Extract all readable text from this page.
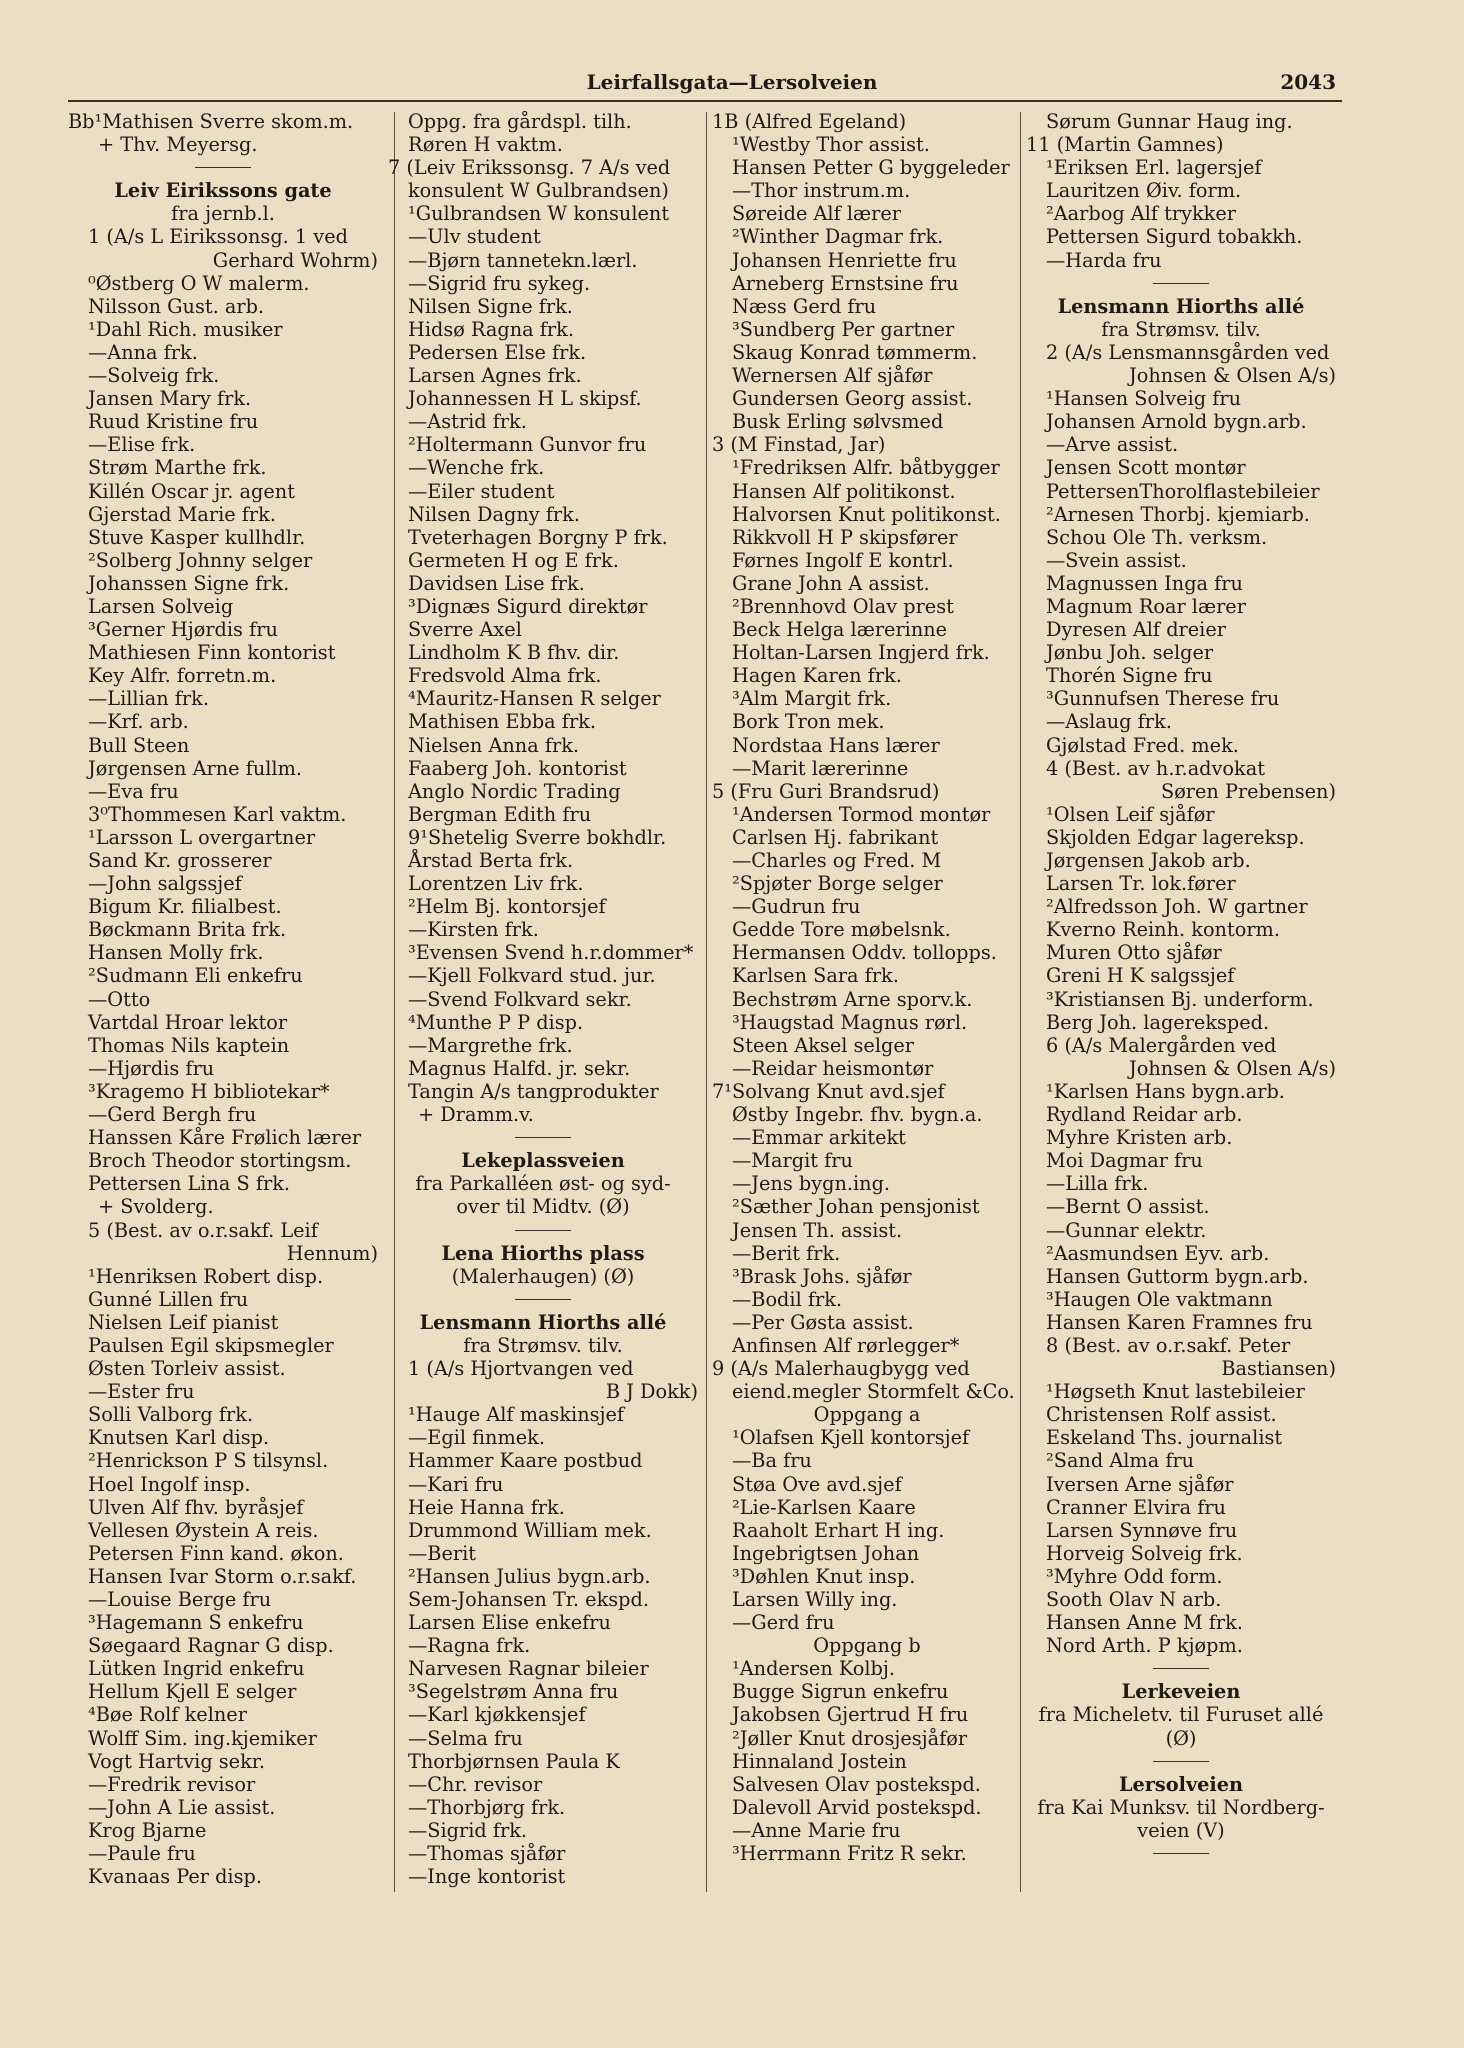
Leirfallsgata—Lersolveien	2043
Bb¹Mathisen Sverre skom.m.
+ Thv. Meyersg.
Leiv Eirikssons gate
fra jernb.l.
1 (A/s L Eirikssonsg. 1 ved
Gerhard Wohrm)
⁰Østberg O W malerm.
Nilsson Gust. arb.
¹Dahl Rich. musiker
—Anna frk.
—Solveig frk.
Jansen Mary frk.
Ruud Kristine fru
—Elise frk.
Strøm Marthe frk.
Killén Oscar jr. agent
Gjerstad Marie frk.
Stuve Kasper kullhdlr.
²Solberg Johnny selger
Johanssen Signe frk.
Larsen Solveig
³Gerner Hjørdis fru
Mathiesen Finn kontorist
Key Alfr. forretn.m.
—Lillian frk.
—Krf. arb.
Bull Steen
Jørgensen Arne fullm.
—Eva fru
3⁰Thommesen Karl vaktm.
¹Larsson L overgartner
Sand Kr. grosserer
—John salgssjef
Bigum Kr. filialbest.
Bøckmann Brita frk.
Hansen Molly frk.
²Sudmann Eli enkefru
—Otto
Vartdal Hroar lektor
Thomas Nils kaptein
—Hjørdis fru
³Kragemo H bibliotekar*
—Gerd Bergh fru
Hanssen Kåre Frølich lærer
Broch Theodor stortingsm.
Pettersen Lina S frk.
+ Svolderg.
5 (Best. av o.r.sakf. Leif
Hennum)
¹Henriksen Robert disp.
Gunné Lillen fru
Nielsen Leif pianist
Paulsen Egil skipsmegler
Østen Torleiv assist.
—Ester fru
Solli Valborg frk.
Knutsen Karl disp.
²Henrickson P S tilsynsl.
Hoel Ingolf insp.
Ulven Alf fhv. byråsjef
Vellesen Øystein A reis.
Petersen Finn kand. økon.
Hansen Ivar Storm o.r.sakf.
—Louise Berge fru
³Hagemann S enkefru
Søegaard Ragnar G disp.
Lütken Ingrid enkefru
Hellum Kjell E selger
⁴Bøe Rolf kelner
Wolff Sim. ing.kjemiker
Vogt Hartvig sekr.
—Fredrik revisor
—John A Lie assist.
Krog Bjarne
—Paule fru
Kvanaas Per disp.
Oppg. fra gårdspl. tilh.
Røren H vaktm.
7 (Leiv Erikssonsg. 7 A/s ved
konsulent W Gulbrandsen)
¹Gulbrandsen W konsulent
—Ulv student
—Bjørn tannetekn.lærl.
—Sigrid fru sykeg.
Nilsen Signe frk.
Hidsø Ragna frk.
Pedersen Else frk.
Larsen Agnes frk.
Johannessen H L skipsf.
—Astrid frk.
²Holtermann Gunvor fru
—Wenche frk.
—Eiler student
Nilsen Dagny frk.
Tveterhagen Borgny P frk.
Germeten H og E frk.
Davidsen Lise frk.
³Dignæs Sigurd direktør
Sverre Axel
Lindholm K B fhv. dir.
Fredsvold Alma frk.
⁴Mauritz-Hansen R selger
Mathisen Ebba frk.
Nielsen Anna frk.
Faaberg Joh. kontorist
Anglo Nordic Trading
Bergman Edith fru
9¹Shetelig Sverre bokhdlr.
Årstad Berta frk.
Lorentzen Liv frk.
²Helm Bj. kontorsjef
—Kirsten frk.
³Evensen Svend h.r.dommer*
—Kjell Folkvard stud. jur.
—Svend Folkvard sekr.
⁴Munthe P P disp.
—Margrethe frk.
Magnus Halfd. jr. sekr.
Tangin A/s tangprodukter
+ Dramm.v.
Lekeplassveien
fra Parkalléen øst- og syd-
over til Midtv. (Ø)
Lena Hiorths plass
(Malerhaugen) (Ø)
Lensmann Hiorths allé
fra Strømsv. tilv.
1 (A/s Hjortvangen ved
B J Dokk)
¹Hauge Alf maskinsjef
—Egil finmek.
Hammer Kaare postbud
—Kari fru
Heie Hanna frk.
Drummond William mek.
—Berit
²Hansen Julius bygn.arb.
Sem-Johansen Tr. ekspd.
Larsen Elise enkefru
—Ragna frk.
Narvesen Ragnar bileier
³Segelstrøm Anna fru
—Karl kjøkkensjef
—Selma fru
Thorbjørnsen Paula K
—Chr. revisor
—Thorbjørg frk.
—Sigrid frk.
—Thomas sjåfør
—Inge kontorist
1B (Alfred Egeland)
¹Westby Thor assist.
Hansen Petter G byggeleder
—Thor instrum.m.
Søreide Alf lærer
²Winther Dagmar frk.
Johansen Henriette fru
Arneberg Ernstsine fru
Næss Gerd fru
³Sundberg Per gartner
Skaug Konrad tømmerm.
Wernersen Alf sjåfør
Gundersen Georg assist.
Busk Erling sølvsmed
3 (M Finstad, Jar)
¹Fredriksen Alfr. båtbygger
Hansen Alf politikonst.
Halvorsen Knut politikonst.
Rikkvoll H P skipsfører
Førnes Ingolf E kontrl.
Grane John A assist.
²Brennhovd Olav prest
Beck Helga lærerinne
Holtan-Larsen Ingjerd frk.
Hagen Karen frk.
³Alm Margit frk.
Bork Tron mek.
Nordstaa Hans lærer
—Marit lærerinne
5 (Fru Guri Brandsrud)
¹Andersen Tormod montør
Carlsen Hj. fabrikant
—Charles og Fred. M
²Spjøter Borge selger
—Gudrun fru
Gedde Tore møbelsnk.
Hermansen Oddv. tollopps.
Karlsen Sara frk.
Bechstrøm Arne sporv.k.
³Haugstad Magnus rørl.
Steen Aksel selger
—Reidar heismontør
7¹Solvang Knut avd.sjef
Østby Ingebr. fhv. bygn.a.
—Emmar arkitekt
—Margit fru
—Jens bygn.ing.
²Sæther Johan pensjonist
Jensen Th. assist.
—Berit frk.
³Brask Johs. sjåfør
—Bodil frk.
—Per Gøsta assist.
Anfinsen Alf rørlegger*
9 (A/s Malerhaugbygg ved
eiend.megler Stormfelt &Co.
Oppgang a
¹Olafsen Kjell kontorsjef
—Ba fru
Støa Ove avd.sjef
²Lie-Karlsen Kaare
Raaholt Erhart H ing.
Ingebrigtsen Johan
³Døhlen Knut insp.
Larsen Willy ing.
—Gerd fru
Oppgang b
¹Andersen Kolbj.
Bugge Sigrun enkefru
Jakobsen Gjertrud H fru
²Jøller Knut drosjesjåfør
Hinnaland Jostein
Salvesen Olav postekspd.
Dalevoll Arvid postekspd.
—Anne Marie fru
³Herrmann Fritz R sekr.
Sørum Gunnar Haug ing.
11 (Martin Gamnes)
¹Eriksen Erl. lagersjef
Lauritzen Øiv. form.
²Aarbog Alf trykker
Pettersen Sigurd tobakkh.
—Harda fru
Lensmann Hiorths allé
fra Strømsv. tilv.
2 (A/s Lensmannsgården ved
Johnsen & Olsen A/s)
¹Hansen Solveig fru
Johansen Arnold bygn.arb.
—Arve assist.
Jensen Scott montør
PettersenThorolflastebileier
²Arnesen Thorbj. kjemiarb.
Schou Ole Th. verksm.
—Svein assist.
Magnussen Inga fru
Magnum Roar lærer
Dyresen Alf dreier
Jønbu Joh. selger
Thorén Signe fru
³Gunnufsen Therese fru
—Aslaug frk.
Gjølstad Fred. mek.
4 (Best. av h.r.advokat
Søren Prebensen)
¹Olsen Leif sjåfør
Skjolden Edgar lagereksp.
Jørgensen Jakob arb.
Larsen Tr. lok.fører
²Alfredsson Joh. W gartner
Kverno Reinh. kontorm.
Muren Otto sjåfør
Greni H K salgssjef
³Kristiansen Bj. underform.
Berg Joh. lagereksped.
6 (A/s Malergården ved
Johnsen & Olsen A/s)
¹Karlsen Hans bygn.arb.
Rydland Reidar arb.
Myhre Kristen arb.
Moi Dagmar fru
—Lilla frk.
—Bernt O assist.
—Gunnar elektr.
²Aasmundsen Eyv. arb.
Hansen Guttorm bygn.arb.
³Haugen Ole vaktmann
Hansen Karen Framnes fru
8 (Best. av o.r.sakf. Peter
Bastiansen)
¹Høgseth Knut lastebileier
Christensen Rolf assist.
Eskeland Ths. journalist
²Sand Alma fru
Iversen Arne sjåfør
Cranner Elvira fru
Larsen Synnøve fru
Horveig Solveig frk.
³Myhre Odd form.
Sooth Olav N arb.
Hansen Anne M frk.
Nord Arth. P kjøpm.
Lerkeveien
fra Micheletv. til Furuset allé
(Ø)
Lersolveien
fra Kai Munksv. til Nordberg-
veien (V)
